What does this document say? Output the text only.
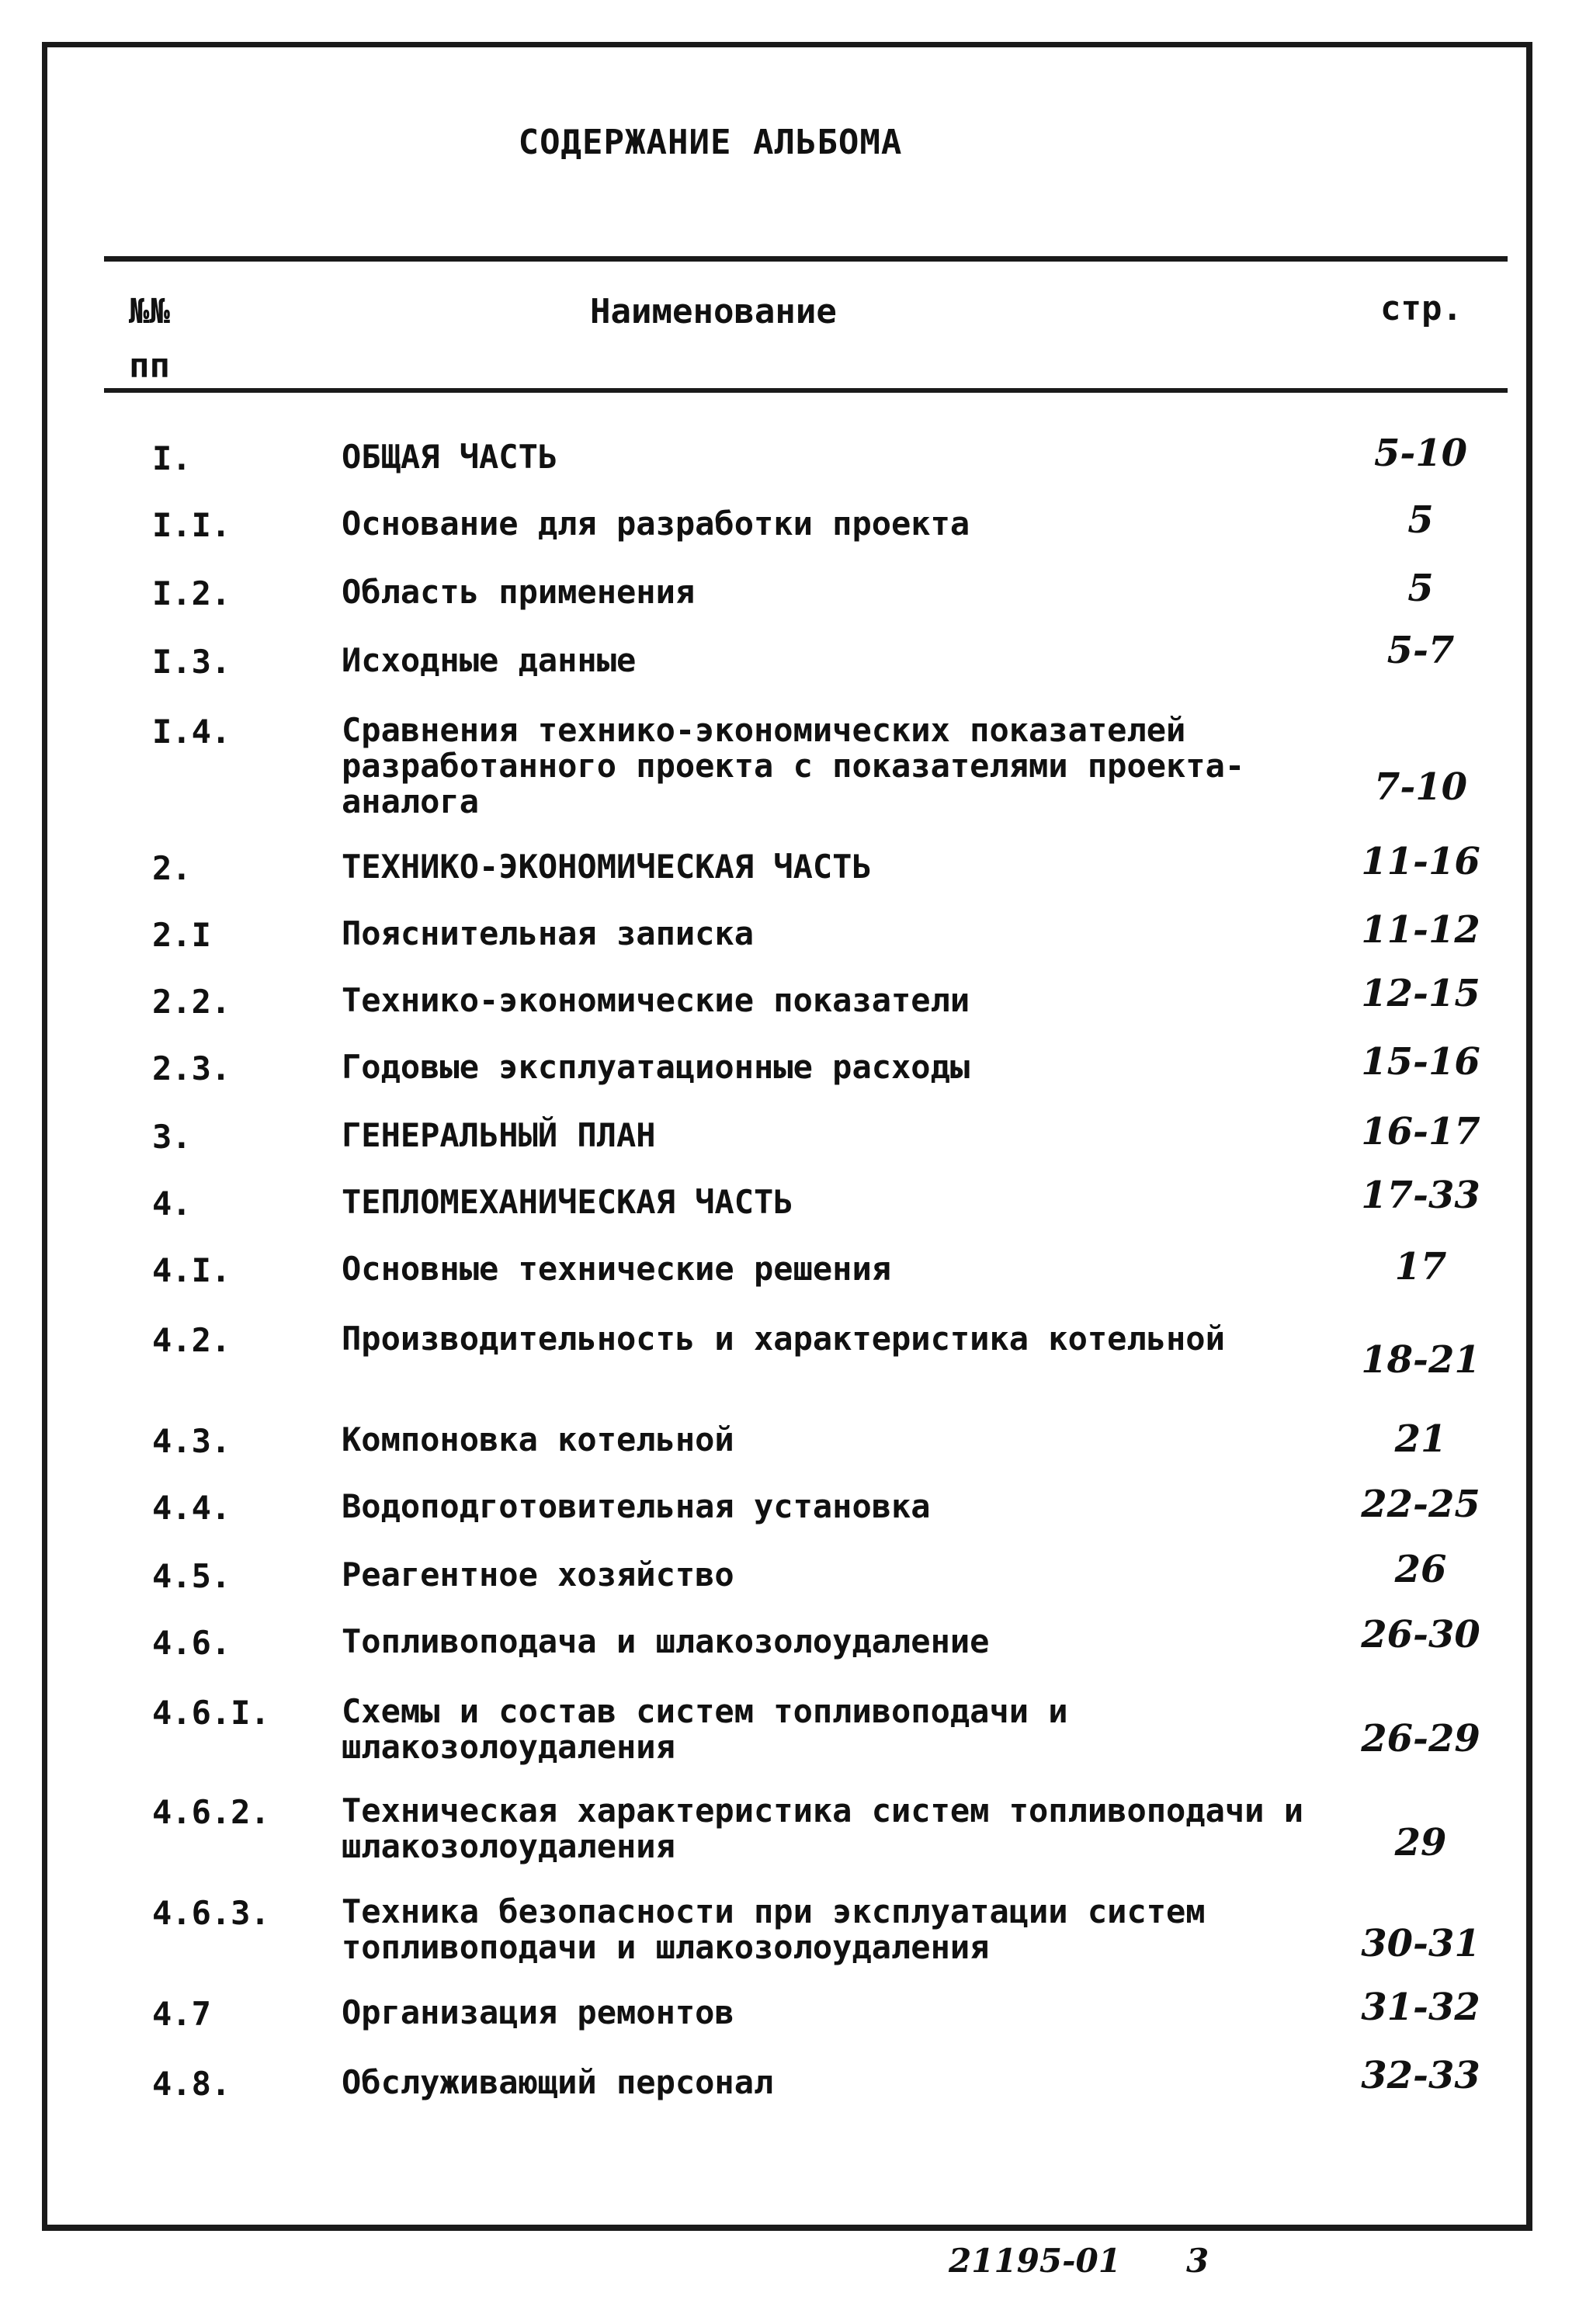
СОДЕРЖАНИЕ АЛЬБОМА
№№
пп
Наименование	стр.
I.	ОБЩАЯ ЧАСТЬ	5-10
I.I.	Основание для разработки проекта	5
I.2.	Область применения	5
I.3.	Исходные данные	5-7
I.4.	Сравнения технико-экономических показателей разработанного проекта с показателями проекта-аналога	7-10
2.	ТЕХНИКО-ЭКОНОМИЧЕСКАЯ ЧАСТЬ	11-16
2.I	Пояснительная записка	11-12
2.2.	Технико-экономические показатели	12-15
2.3.	Годовые эксплуатационные расходы	15-16
3.	ГЕНЕРАЛЬНЫЙ ПЛАН	16-17
4.	ТЕПЛОМЕХАНИЧЕСКАЯ ЧАСТЬ	17-33
4.I.	Основные технические решения	17
4.2.	Производительность и характеристика котельной	18-21
4.3.	Компоновка котельной	21
4.4.	Водоподготовительная установка	22-25
4.5.	Реагентное хозяйство	26
4.6.	Топливоподача и шлакозолоудаление	26-30
4.6.I. Схемы и состав систем топливоподачи и шлакозолоудаления	26-29
4.6.2. Техническая характеристика систем топливоподачи и шлакозолоудаления	29
4.6.3. Техника безопасности при эксплуатации систем топливоподачи и шлакозолоудаления	30-31
4.7	Организация ремонтов	31-32
4.8.	Обслуживающий персонал	32-33
21195-01 3
